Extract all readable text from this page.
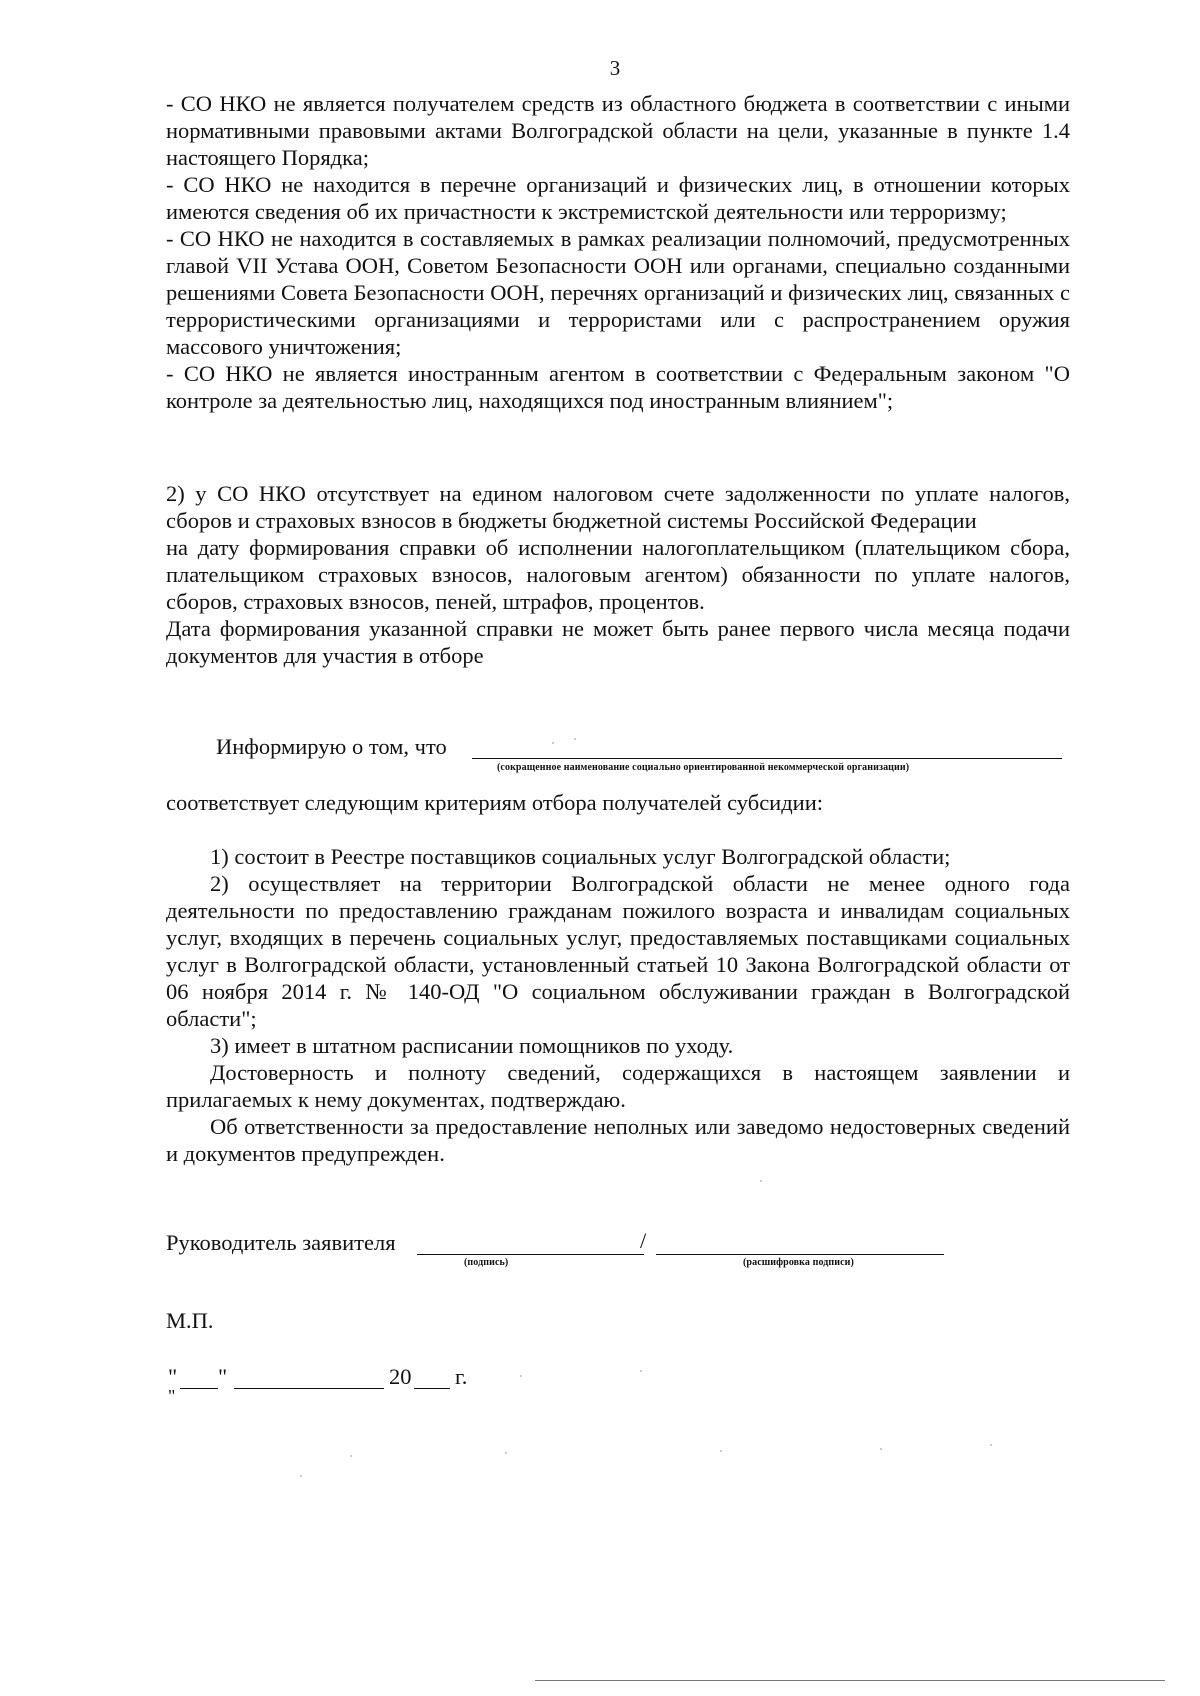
3
- СО НКО не является получателем средств из областного бюджета в соответствии с иными нормативными правовыми актами Волгоградской области на цели, указанные в пункте 1.4 настоящего Порядка;
- СО НКО не находится в перечне организаций и физических лиц, в отношении которых имеются сведения об их причастности к экстремистской деятельности или терроризму;
- СО НКО не находится в составляемых в рамках реализации полномочий, предусмотренных главой VII Устава ООН, Советом Безопасности ООН или органами, специально созданными решениями Совета Безопасности ООН, перечнях организаций и физических лиц, связанных с террористическими организациями и террористами или с распространением оружия массового уничтожения;
- СО НКО не является иностранным агентом в соответствии с Федеральным законом "О контроле за деятельностью лиц, находящихся под иностранным влиянием";
2) у СО НКО отсутствует на едином налоговом счете задолженности по уплате налогов, сборов и страховых взносов в бюджеты бюджетной системы Российской Федерации
на дату формирования справки об исполнении налогоплательщиком (плательщиком сбора, плательщиком страховых взносов, налоговым агентом) обязанности по уплате налогов, сборов, страховых взносов, пеней, штрафов, процентов.
Дата формирования указанной справки не может быть ранее первого числа месяца подачи документов для участия в отборе
Информирую о том, что
(сокращенное наименование социально ориентированной некоммерческой организации)
соответствует следующим критериям отбора получателей субсидии:
1) состоит в Реестре поставщиков социальных услуг Волгоградской области;
2) осуществляет на территории Волгоградской области не менее одного года деятельности по предоставлению гражданам пожилого возраста и инвалидам социальных услуг, входящих в перечень социальных услуг, предоставляемых поставщиками социальных услуг в Волгоградской области, установленный статьей 10 Закона Волгоградской области от 06 ноября 2014 г. № 140-ОД "О социальном обслуживании граждан в Волгоградской области";
3) имеет в штатном расписании помощников по уходу.
Достоверность и полноту сведений, содержащихся в настоящем заявлении и прилагаемых к нему документах, подтверждаю.
Об ответственности за предоставление неполных или заведомо недостоверных сведений и документов предупрежден.
Руководитель заявителя	/
(подпись)	(расшифровка подписи)
М.П.
" "	20 г.
"
